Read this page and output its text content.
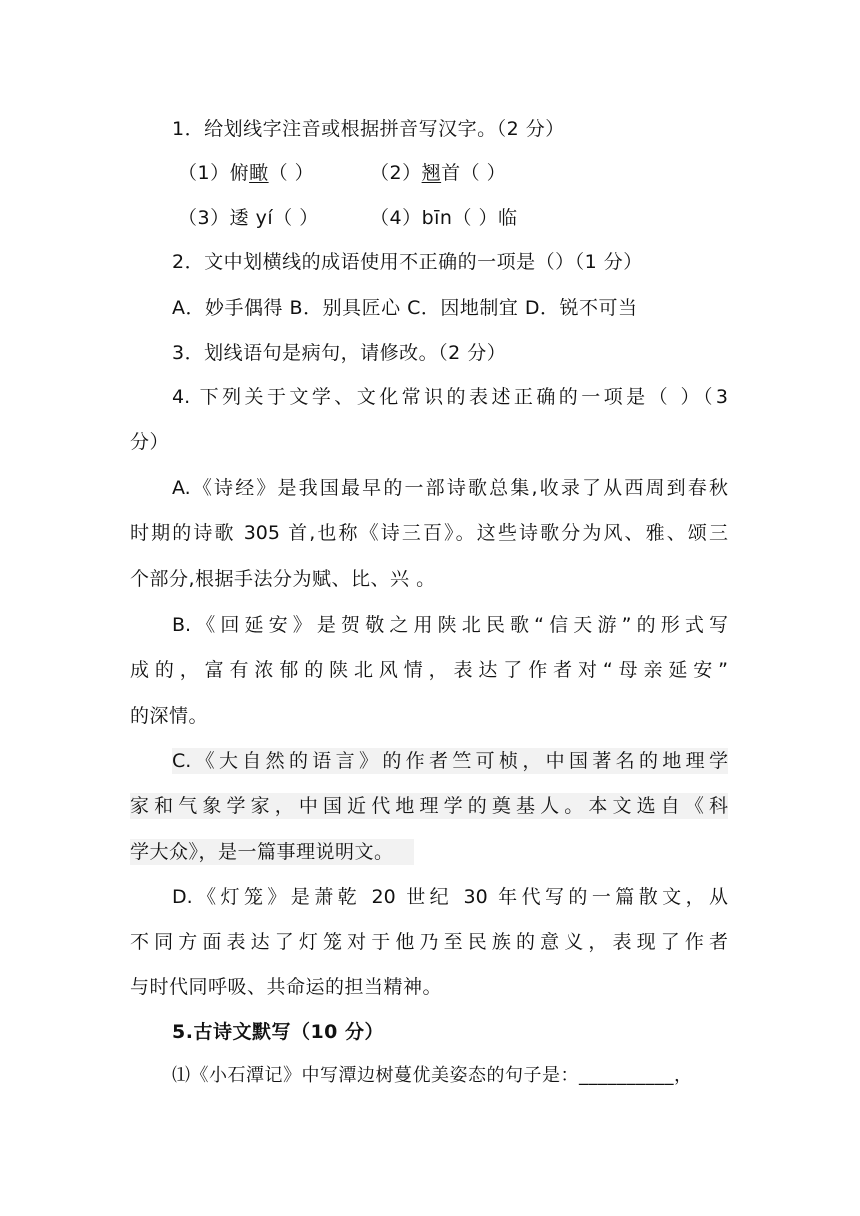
1．给划线字注音或根据拼音写汉字。（2 分）
（1）俯瞰（ ）	（2）翘首（ ）
（3）逶 yí（ ）	（4）bīn（ ）临
2．文中划横线的成语使用不正确的一项是（）（1 分）
A．妙手偶得 B．别具匠心 C．因地制宜 D．锐不可当
3．划线语句是病句，请修改。（2 分）
4. 下列关于文学、文化常识的表述正确的一项是（ ）（3
分）
A.《诗经》是我国最早的一部诗歌总集,收录了从西周到春秋
时期的诗歌 305 首,也称《诗三百》。这些诗歌分为风、雅、颂三
个部分,根据手法分为赋、比、兴 。
B.《回延安》是贺敬之用陕北民歌“信天游”的形式写
成的，富有浓郁的陕北风情，表达了作者对“母亲延安”
的深情。
C.《大自然的语言》的作者竺可桢，中国著名的地理学
家和气象学家，中国近代地理学的奠基人。本文选自《科
学大众》，是一篇事理说明文。
D.《灯笼》是萧乾 20 世纪 30 年代写的一篇散文，从
不同方面表达了灯笼对于他乃至民族的意义，表现了作者
与时代同呼吸、共命运的担当精神。
5.古诗文默写（10 分）
⑴《小石潭记》中写潭边树蔓优美姿态的句子是：__________，
